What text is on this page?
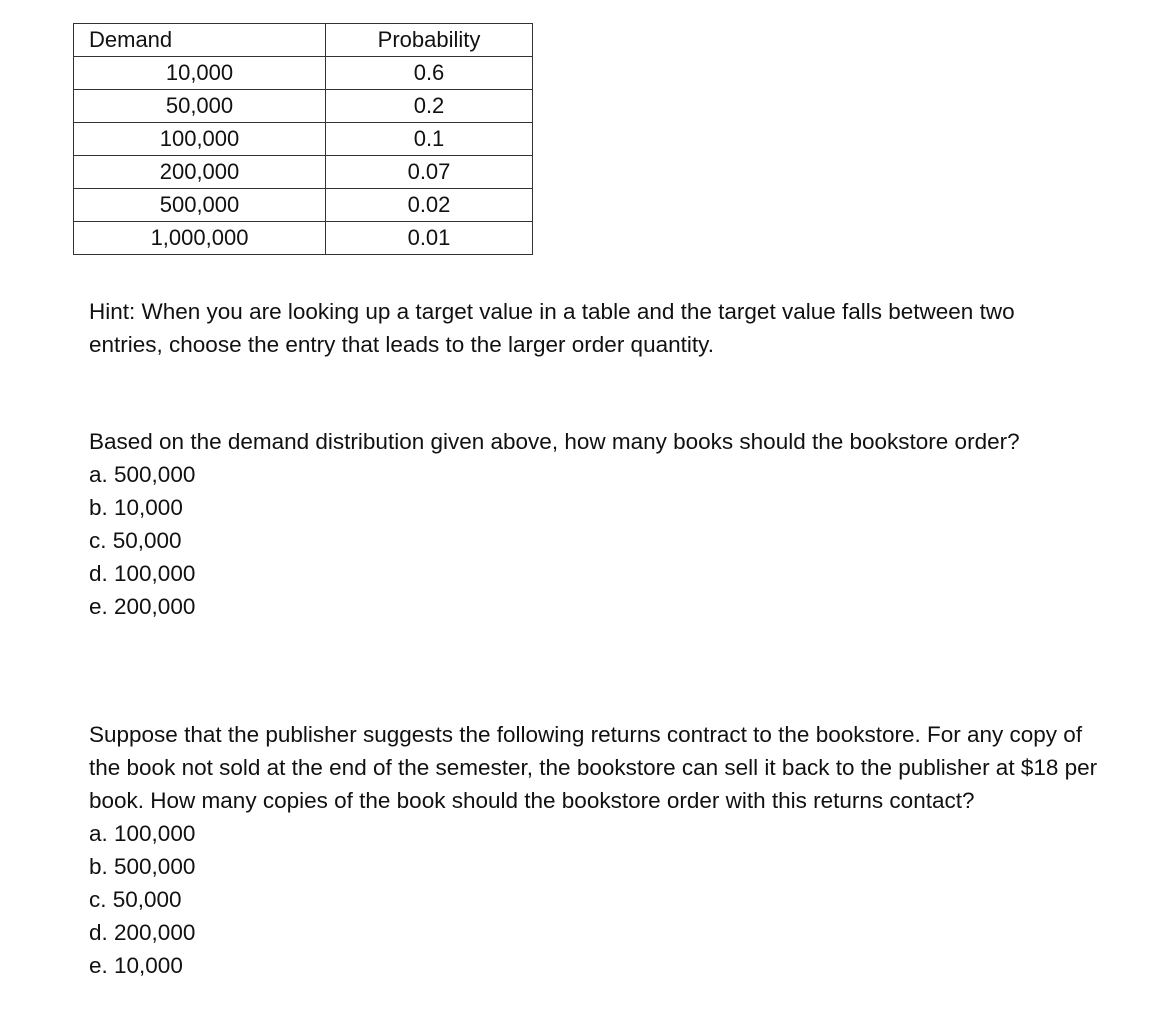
Demand	Probability
10,000	0.6
50,000	0.2
100,000	0.1
200,000	0.07
500,000	0.02
1,000,000	0.01

Hint: When you are looking up a target value in a table and the target value falls between two entries, choose the entry that leads to the larger order quantity.

Based on the demand distribution given above, how many books should the bookstore order?

a. 500,000
b. 10,000
c. 50,000
d. 100,000
e. 200,000

Suppose that the publisher suggests the following returns contract to the bookstore. For any copy of the book not sold at the end of the semester, the bookstore can sell it back to the publisher at $18 per book. How many copies of the book should the bookstore order with this returns contact?

a. 100,000
b. 500,000
c. 50,000
d. 200,000
e. 10,000
